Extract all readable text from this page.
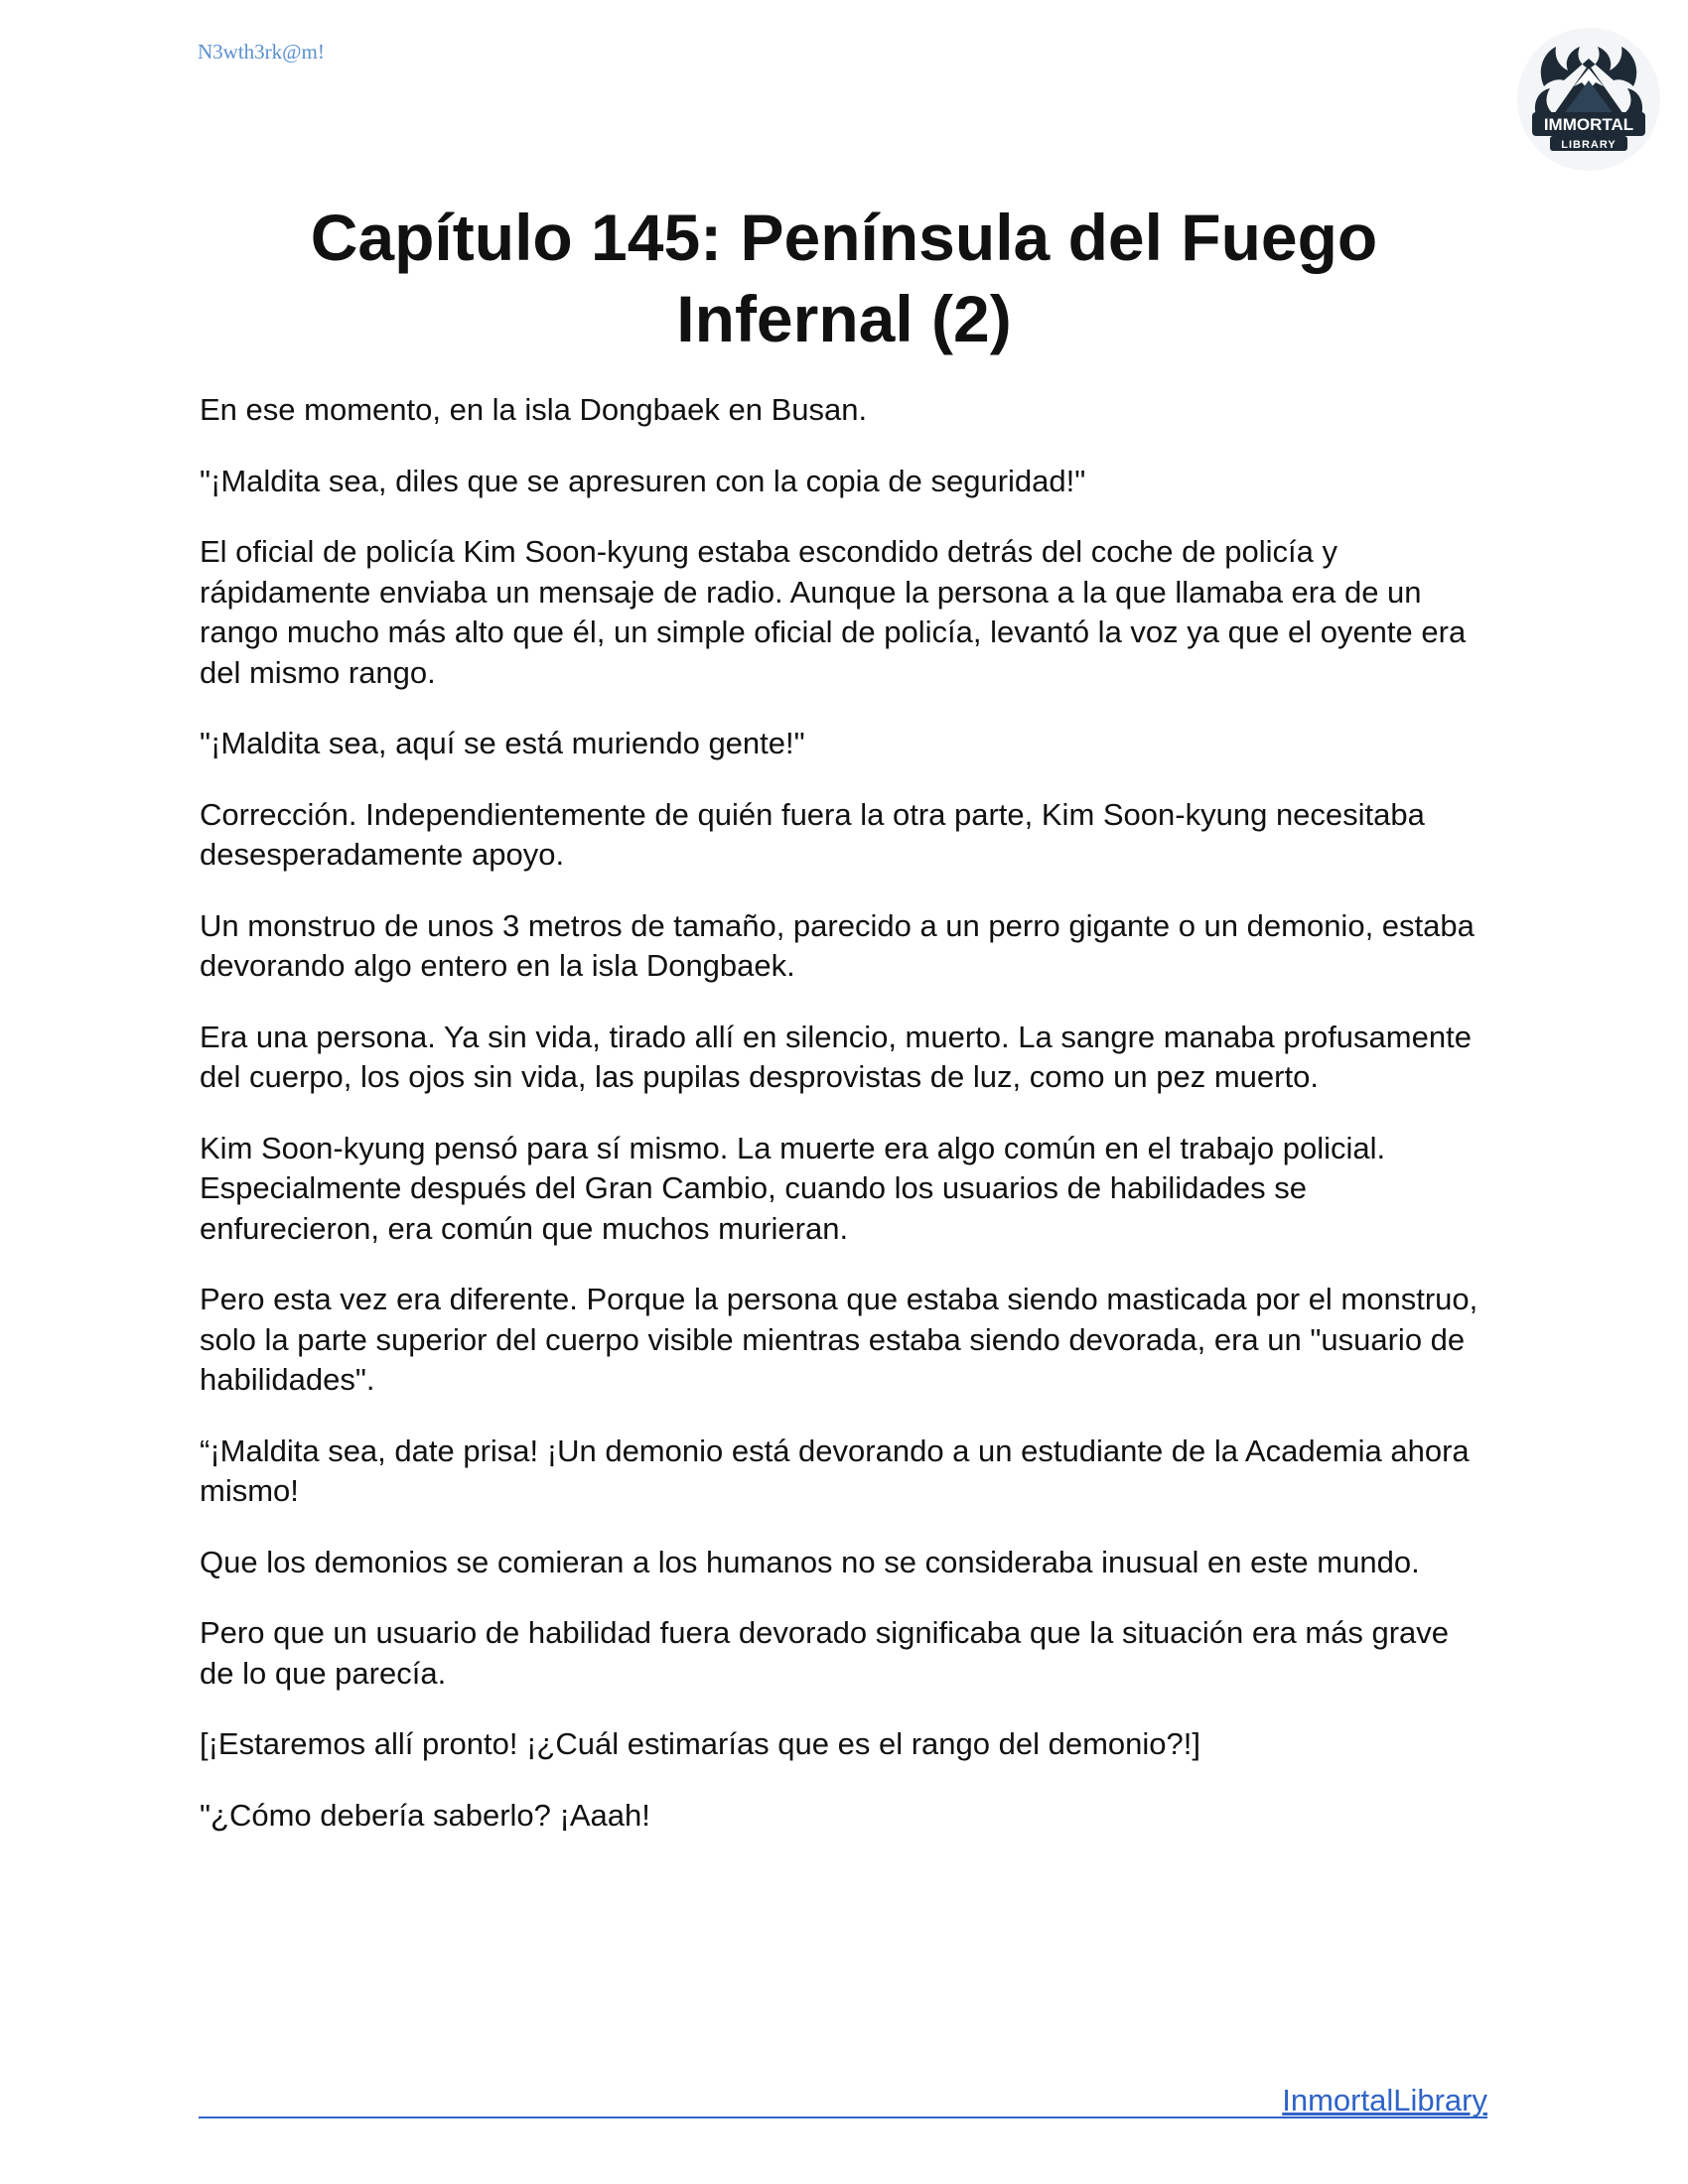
N3wth3rk@m!
IMMORTAL
LIBRARY
Capítulo 145: Península del Fuego Infernal (2)

En ese momento, en la isla Dongbaek en Busan.

"¡Maldita sea, diles que se apresuren con la copia de seguridad!"

El oficial de policía Kim Soon-kyung estaba escondido detrás del coche de policía y rápidamente enviaba un mensaje de radio. Aunque la persona a la que llamaba era de un rango mucho más alto que él, un simple oficial de policía, levantó la voz ya que el oyente era del mismo rango.

"¡Maldita sea, aquí se está muriendo gente!"

Corrección. Independientemente de quién fuera la otra parte, Kim Soon-kyung necesitaba desesperadamente apoyo.

Un monstruo de unos 3 metros de tamaño, parecido a un perro gigante o un demonio, estaba devorando algo entero en la isla Dongbaek.

Era una persona. Ya sin vida, tirado allí en silencio, muerto. La sangre manaba profusamente del cuerpo, los ojos sin vida, las pupilas desprovistas de luz, como un pez muerto.

Kim Soon-kyung pensó para sí mismo. La muerte era algo común en el trabajo policial. Especialmente después del Gran Cambio, cuando los usuarios de habilidades se enfurecieron, era común que muchos murieran.

Pero esta vez era diferente. Porque la persona que estaba siendo masticada por el monstruo, solo la parte superior del cuerpo visible mientras estaba siendo devorada, era un "usuario de habilidades".

“¡Maldita sea, date prisa! ¡Un demonio está devorando a un estudiante de la Academia ahora mismo!

Que los demonios se comieran a los humanos no se consideraba inusual en este mundo.

Pero que un usuario de habilidad fuera devorado significaba que la situación era más grave de lo que parecía.

[¡Estaremos allí pronto! ¡¿Cuál estimarías que es el rango del demonio?!]

"¿Cómo debería saberlo? ¡Aaah!

InmortalLibrary
